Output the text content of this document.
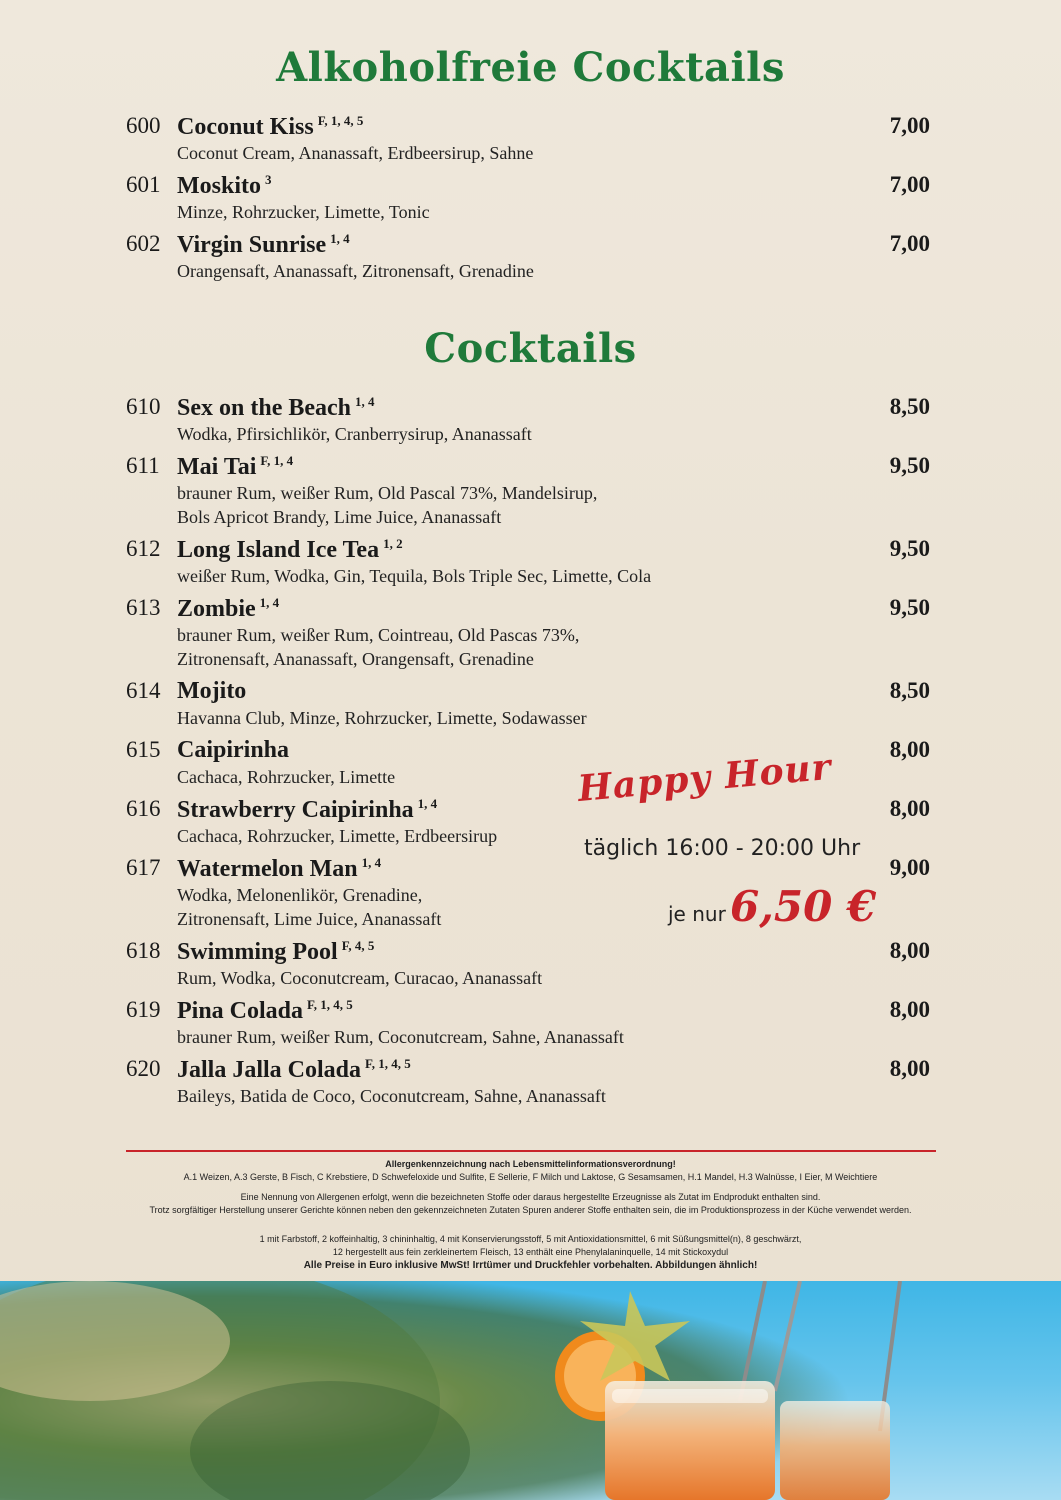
Alkoholfreie Cocktails
600 Coconut Kiss $^{F, 1, 4, 5}$	7,00
Coconut Cream, Ananassaft, Erdbeersirup, Sahne
601 Moskito $^3$	7,00
Minze, Rohrzucker, Limette, Tonic
602 Virgin Sunrise $^{1, 4}$	7,00
Orangensaft, Ananassaft, Zitronensaft, Grenadine
Cocktails
610 Sex on the Beach $^{1, 4}$	8,50
Wodka, Pfirsichlikör, Cranberrysirup, Ananassaft
611 Mai Tai $^{F, 1, 4}$	9,50
brauner Rum, weißer Rum, Old Pascal 73%, Mandelsirup,
Bols Apricot Brandy, Lime Juice, Ananassaft
612 Long Island Ice Tea $^{1, 2}$	9,50
weißer Rum, Wodka, Gin, Tequila, Bols Triple Sec, Limette, Cola
613 Zombie $^{1, 4}$	9,50
brauner Rum, weißer Rum, Cointreau, Old Pascas 73%,
Zitronensaft, Ananassaft, Orangensaft, Grenadine
614 Mojito	8,50
Havanna Club, Minze, Rohrzucker, Limette, Sodawasser
615 Caipirinha	8,00
Cachaca, Rohrzucker, Limette
616 Strawberry Caipirinha $^{1, 4}$	8,00
Cachaca, Rohrzucker, Limette, Erdbeersirup
617 Watermelon Man $^{1, 4}$	9,00
Wodka, Melonenlikör, Grenadine,
Zitronensaft, Lime Juice, Ananassaft
618 Swimming Pool $^{F, 4, 5}$	8,00
Rum, Wodka, Coconutcream, Curacao, Ananassaft
619 Pina Colada $^{F, 1, 4, 5}$	8,00
brauner Rum, weißer Rum, Coconutcream, Sahne, Ananassaft
620 Jalla Jalla Colada $^{F, 1, 4, 5}$	8,00
Baileys, Batida de Coco, Coconutcream, Sahne, Ananassaft
Happy Hour
täglich 16:00 - 20:00 Uhr
je nur 6,50 €
Allergenkennzeichnung nach Lebensmittelinformationsverordnung!
A.1 Weizen, A.3 Gerste, B Fisch, C Krebstiere, D Schwefeloxide und Sulfite, E Sellerie, F Milch und Laktose, G Sesamsamen, H.1 Mandel, H.3 Walnüsse, I Eier, M Weichtiere
Eine Nennung von Allergenen erfolgt, wenn die bezeichneten Stoffe oder daraus hergestellte Erzeugnisse als Zutat im Endprodukt enthalten sind.
Trotz sorgfältiger Herstellung unserer Gerichte können neben den gekennzeichneten Zutaten Spuren anderer Stoffe enthalten sein, die im Produktionsprozess in der Küche verwendet werden.
1 mit Farbstoff, 2 koffeinhaltig, 3 chininhaltig, 4 mit Konservierungsstoff, 5 mit Antioxidationsmittel, 6 mit Süßungsmittel(n), 8 geschwärzt,
12 hergestellt aus fein zerkleinertem Fleisch, 13 enthält eine Phenylalaninquelle, 14 mit Stickoxydul
Alle Preise in Euro inklusive MwSt! Irrtümer und Druckfehler vorbehalten. Abbildungen ähnlich!
